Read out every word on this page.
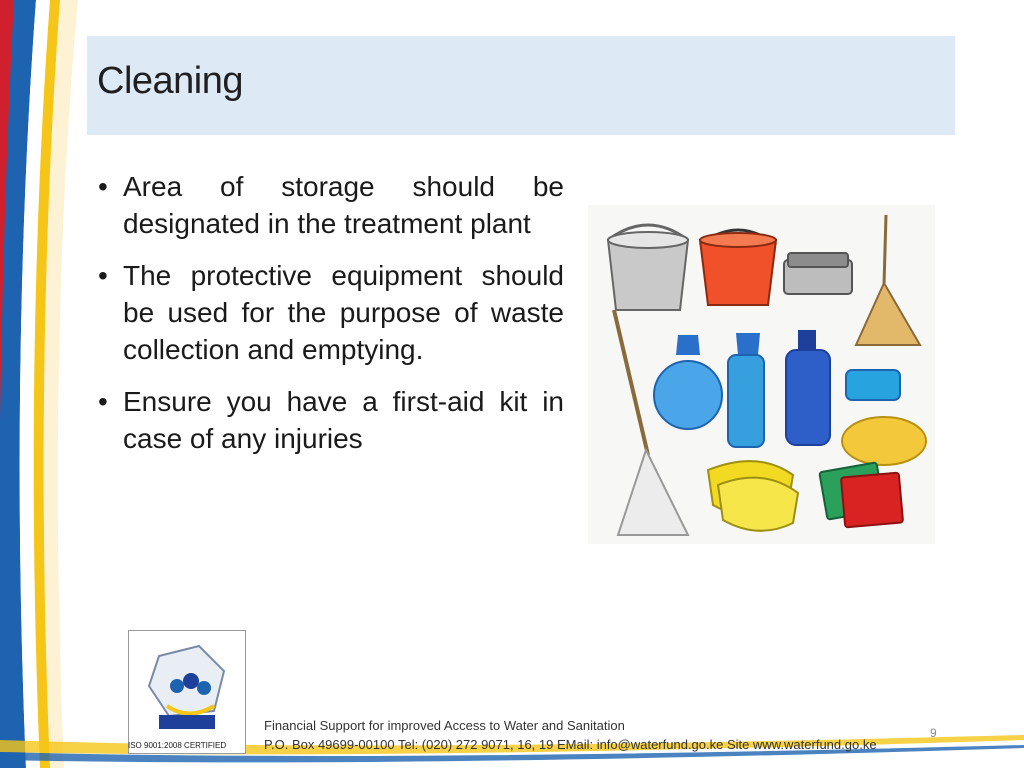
Cleaning
• Area of storage should be designated in the treatment plant
• The protective equipment should be used for the purpose of waste collection and emptying.
• Ensure you have a first-aid kit in case of any injuries
ISO 9001:2008 CERTIFIED
Financial Support for improved Access to Water and Sanitation
P.O. Box 49699-00100 Tel: (020) 272 9071, 16, 19 EMail: info@waterfund.go.ke Site www.waterfund.go.ke
9
